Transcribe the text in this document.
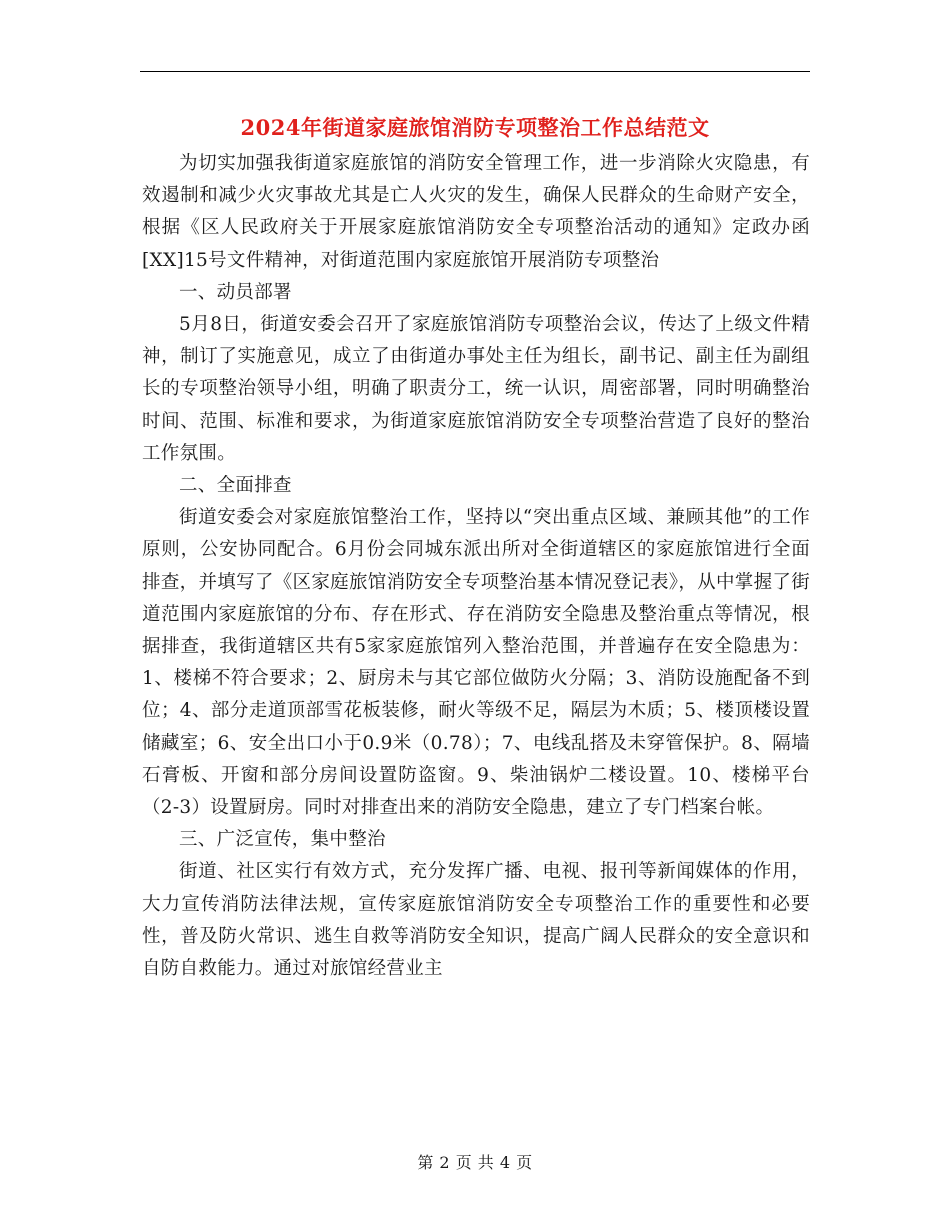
2024年街道家庭旅馆消防专项整治工作总结范文

为切实加强我街道家庭旅馆的消防安全管理工作，进一步消除火灾隐患，有效遏制和减少火灾事故尤其是亡人火灾的发生，确保人民群众的生命财产安全，根据《区人民政府关于开展家庭旅馆消防安全专项整治活动的通知》定政办函[XX]15号文件精神，对街道范围内家庭旅馆开展消防专项整治

一、动员部署

5月8日，街道安委会召开了家庭旅馆消防专项整治会议，传达了上级文件精神，制订了实施意见，成立了由街道办事处主任为组长，副书记、副主任为副组长的专项整治领导小组，明确了职责分工，统一认识，周密部署，同时明确整治时间、范围、标准和要求，为街道家庭旅馆消防安全专项整治营造了良好的整治工作氛围。

二、全面排查

街道安委会对家庭旅馆整治工作，坚持以“突出重点区域、兼顾其他”的工作原则，公安协同配合。6月份会同城东派出所对全街道辖区的家庭旅馆进行全面排查，并填写了《区家庭旅馆消防安全专项整治基本情况登记表》，从中掌握了街道范围内家庭旅馆的分布、存在形式、存在消防安全隐患及整治重点等情况，根据排查，我街道辖区共有5家家庭旅馆列入整治范围，并普遍存在安全隐患为：1、楼梯不符合要求；2、厨房未与其它部位做防火分隔；3、消防设施配备不到位；4、部分走道顶部雪花板装修，耐火等级不足，隔层为木质；5、楼顶楼设置储藏室；6、安全出口小于0.9米（0.78）；7、电线乱搭及未穿管保护。8、隔墙石膏板、开窗和部分房间设置防盗窗。9、柴油锅炉二楼设置。10、楼梯平台（2-3）设置厨房。同时对排查出来的消防安全隐患，建立了专门档案台帐。

三、广泛宣传，集中整治

街道、社区实行有效方式，充分发挥广播、电视、报刊等新闻媒体的作用，大力宣传消防法律法规，宣传家庭旅馆消防安全专项整治工作的重要性和必要性，普及防火常识、逃生自救等消防安全知识，提高广阔人民群众的安全意识和自防自救能力。通过对旅馆经营业主

第 2 页 共 4 页
